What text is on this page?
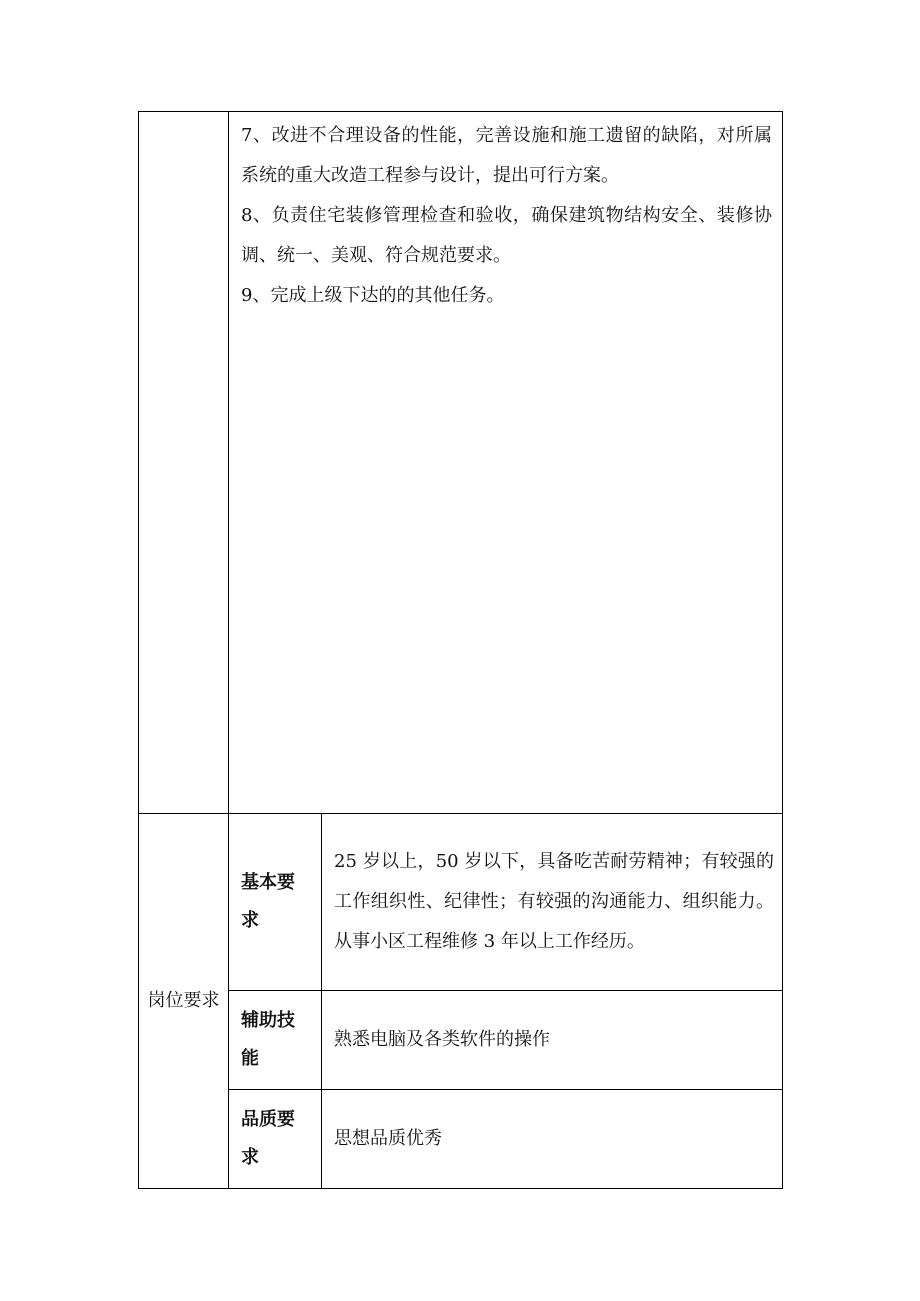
	7、改进不合理设备的性能，完善设施和施工遗留的缺陷，对所属系统的重大改造工程参与设计，提出可行方案。

8、负责住宅装修管理检查和验收，确保建筑物结构安全、装修协调、统一、美观、符合规范要求。

9、完成上级下达的的其他任务。	

岗位要求	基本要求	25 岁以上，50 岁以下，具备吃苦耐劳精神；有较强的工作组织性、纪律性；有较强的沟通能力、组织能力。从事小区工程维修 3 年以上工作经历。
	辅助技能	熟悉电脑及各类软件的操作
	品质要求	思想品质优秀
